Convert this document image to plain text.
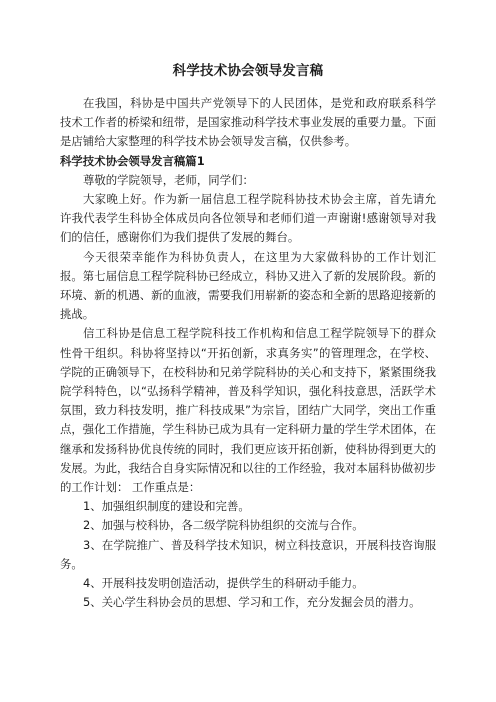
科学技术协会领导发言稿

在我国，科协是中国共产党领导下的人民团体，是党和政府联系科学技术工作者的桥梁和纽带，是国家推动科学技术事业发展的重要力量。下面是店铺给大家整理的科学技术协会领导发言稿，仅供参考。

科学技术协会领导发言稿篇1

尊敬的学院领导，老师，同学们：

大家晚上好。作为新一届信息工程学院科协技术协会主席，首先请允许我代表学生科协全体成员向各位领导和老师们道一声谢谢!感谢领导对我们的信任，感谢你们为我们提供了发展的舞台。

今天很荣幸能作为科协负责人，在这里为大家做科协的工作计划汇报。第七届信息工程学院科协已经成立，科协又进入了新的发展阶段。新的环境、新的机遇、新的血液，需要我们用崭新的姿态和全新的思路迎接新的挑战。

信工科协是信息工程学院科技工作机构和信息工程学院领导下的群众性骨干组织。科协将坚持以“开拓创新，求真务实”的管理理念，在学校、学院的正确领导下，在校科协和兄弟学院科协的关心和支持下，紧紧围绕我院学科特色，以“弘扬科学精神，普及科学知识，强化科技意思，活跃学术氛围，致力科技发明，推广科技成果”为宗旨，团结广大同学，突出工作重点，强化工作措施，学生科协已成为具有一定科研力量的学生学术团体，在继承和发扬科协优良传统的同时，我们更应该开拓创新，使科协得到更大的发展。为此，我结合自身实际情况和以往的工作经验，我对本届科协做初步的工作计划： 工作重点是：

1、加强组织制度的建设和完善。

2、加强与校科协，各二级学院科协组织的交流与合作。

3、在学院推广、普及科学技术知识，树立科技意识，开展科技咨询服务。

4、开展科技发明创造活动，提供学生的科研动手能力。

5、关心学生科协会员的思想、学习和工作，充分发掘会员的潜力。
